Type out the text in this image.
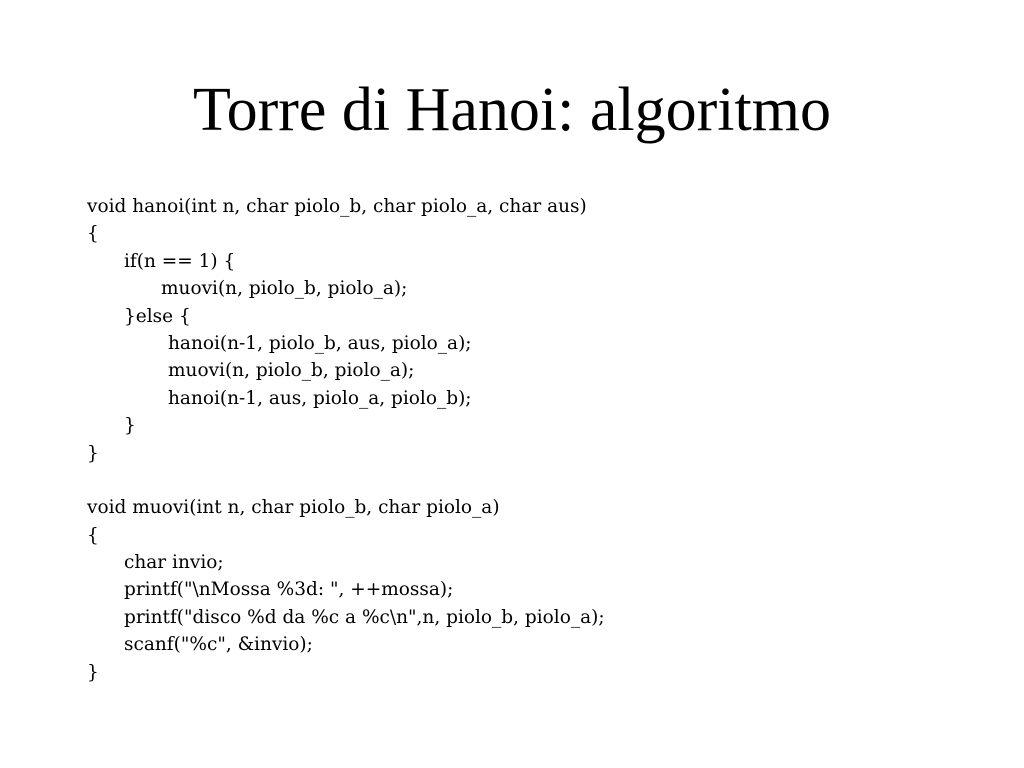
Torre di Hanoi: algoritmo
void hanoi(int n, char piolo_b, char piolo_a, char aus)
{
if(n == 1) {
muovi(n, piolo_b, piolo_a);
}else {
hanoi(n-1, piolo_b, aus, piolo_a);
muovi(n, piolo_b, piolo_a);
hanoi(n-1, aus, piolo_a, piolo_b);
}
}
void muovi(int n, char piolo_b, char piolo_a)
{
char invio;
printf("\nMossa %3d: ", ++mossa);
printf("disco %d da %c a %c\n",n, piolo_b, piolo_a);
scanf("%c", &invio);
}
